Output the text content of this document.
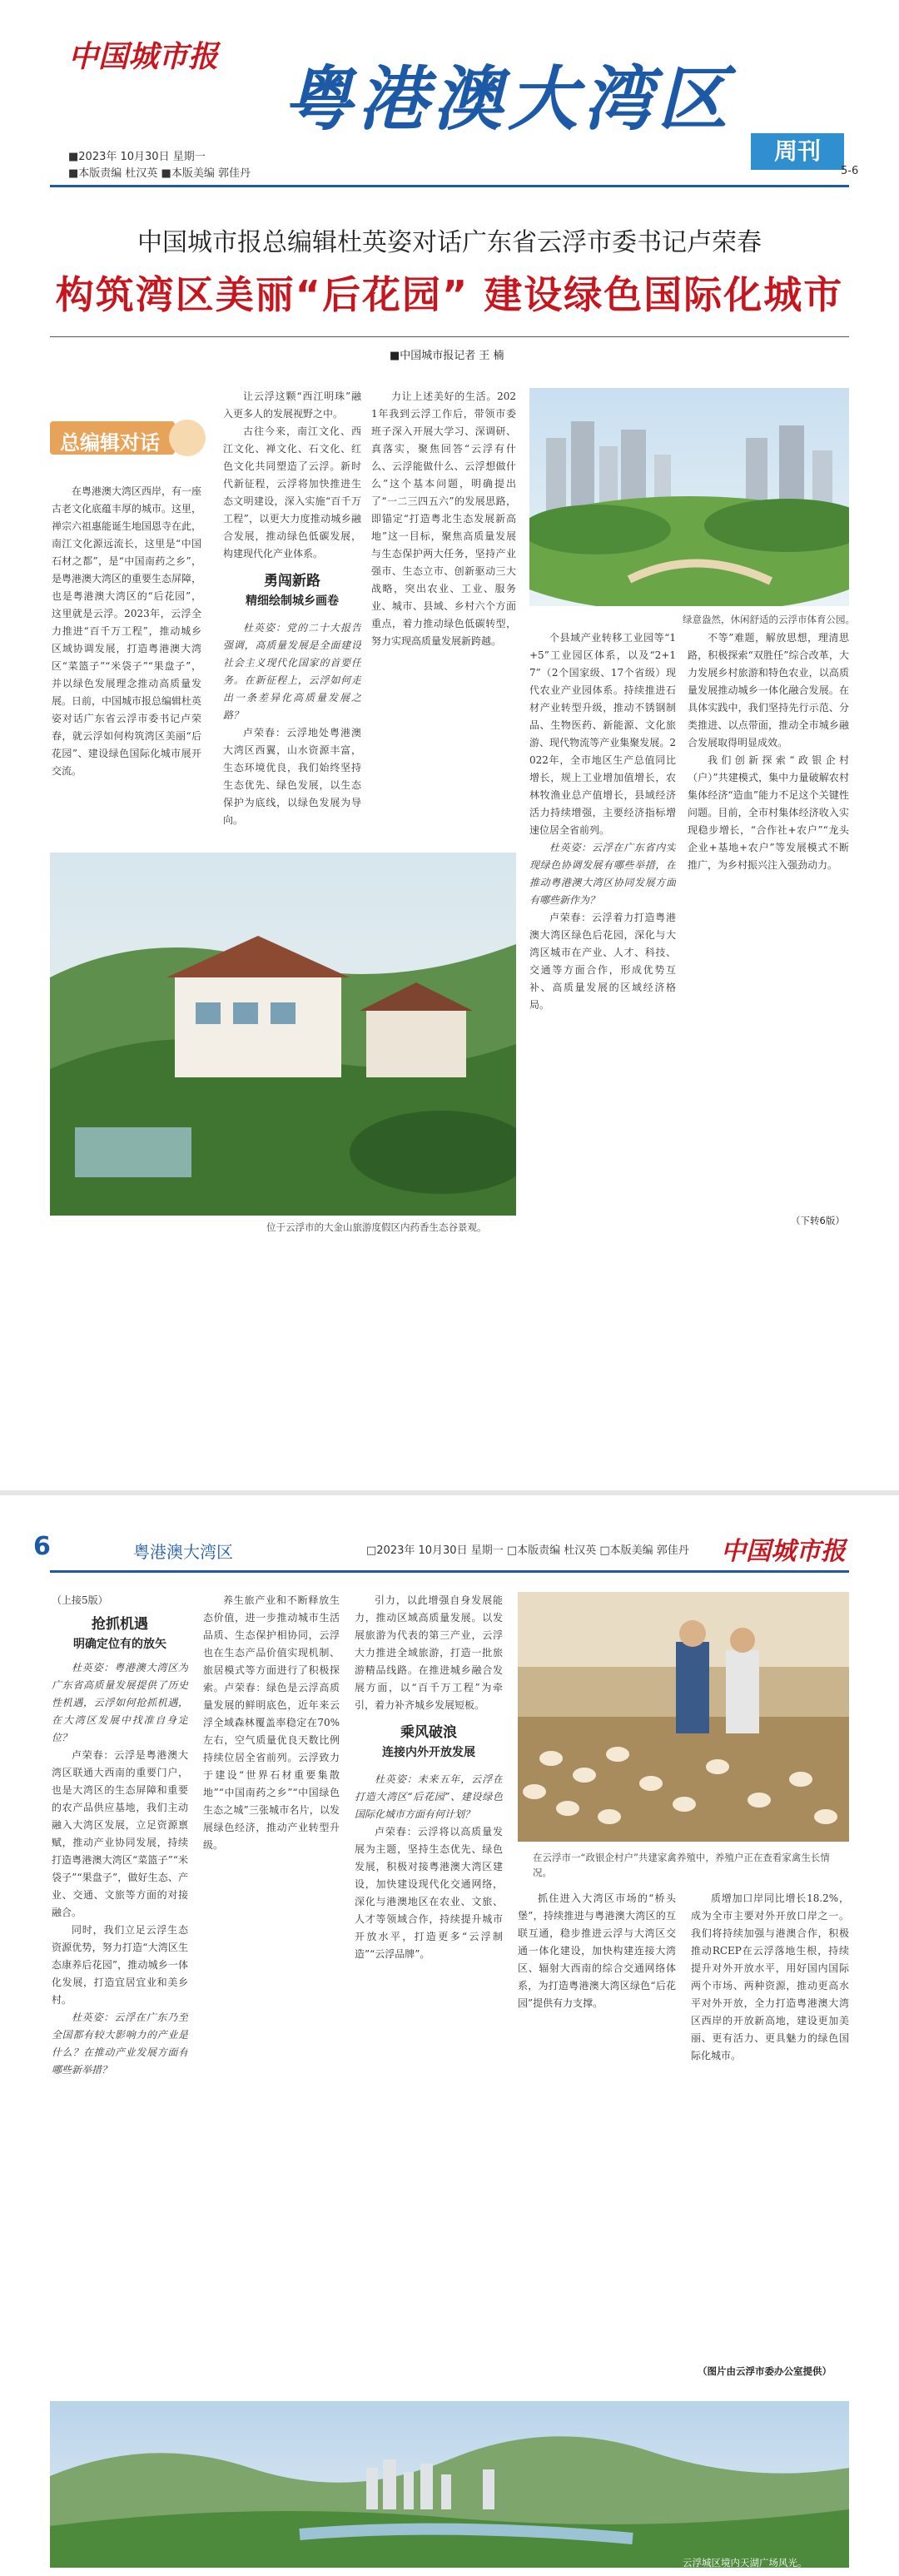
中国城市报
■2023年 10月30日 星期一
■本版责编 杜汉英 ■本版美编 郭佳丹
粤港澳大湾区
周刊
5-6
中国城市报总编辑杜英姿对话广东省云浮市委书记卢荣春
构筑湾区美丽“后花园” 建设绿色国际化城市
■中国城市报记者 王 楠
总编辑对话

在粤港澳大湾区西岸，有一座古老文化底蕴丰厚的城市。这里，禅宗六祖惠能诞生地国恩寺在此，南江文化源远流长，这里是“中国石材之都”，是“中国南药之乡”，是粤港澳大湾区的重要生态屏障，也是粤港澳大湾区的“后花园”，这里就是云浮。2023年，云浮全力推进“百千万工程”，推动城乡区域协调发展，打造粤港澳大湾区“菜篮子”“米袋子”“果盘子”，并以绿色发展理念推动高质量发展。日前，中国城市报总编辑杜英姿对话广东省云浮市委书记卢荣春，就云浮如何构筑湾区美丽“后花园”、建设绿色国际化城市展开交流。

让云浮这颗“西江明珠”融入更多人的发展视野之中。

古往今来，南江文化、西江文化、禅文化、石文化、红色文化共同塑造了云浮。新时代新征程，云浮将加快推进生态文明建设，深入实施“百千万工程”，以更大力度推动城乡融合发展，推动绿色低碳发展，构建现代化产业体系。

勇闯新路
精细绘制城乡画卷

杜英姿：党的二十大报告强调，高质量发展是全面建设社会主义现代化国家的首要任务。在新征程上，云浮如何走出一条差异化高质量发展之路？

卢荣春：云浮地处粤港澳大湾区西翼，山水资源丰富，生态环境优良，我们始终坚持生态优先、绿色发展，以生态保护为底线，以绿色发展为导向。

力让上述美好的生活。2021年我到云浮工作后，带领市委班子深入开展大学习、深调研、真落实，聚焦回答“云浮有什么、云浮能做什么、云浮想做什么”这个基本问题，明确提出了“一二三四五六”的发展思路，即锚定“打造粤北生态发展新高地”这一目标，聚焦高质量发展与生态保护两大任务，坚持产业强市、生态立市、创新驱动三大战略，突出农业、工业、服务业、城市、县域、乡村六个方面重点，着力推动绿色低碳转型，努力实现高质量发展新跨越。

绿意盎然，休闲舒适的云浮市体育公园。

个县域产业转移工业园等“1+5”工业园区体系，以及“2+17”（2个国家级、17个省级）现代农业产业园体系。持续推进石材产业转型升级，推动不锈钢制品、生物医药、新能源、文化旅游、现代物流等产业集聚发展。2022年，全市地区生产总值同比增长，规上工业增加值增长，农林牧渔业总产值增长，县域经济活力持续增强，主要经济指标增速位居全省前列。

杜英姿：云浮在广东省内实现绿色协调发展有哪些举措，在推动粤港澳大湾区协同发展方面有哪些新作为？

卢荣春：云浮着力打造粤港澳大湾区绿色后花园，深化与大湾区城市在产业、人才、科技、交通等方面合作，形成优势互补、高质量发展的区域经济格局。

不等”难题，解放思想，理清思路，积极探索“双胜任”综合改革，大力发展乡村旅游和特色农业，以高质量发展推动城乡一体化融合发展。在具体实践中，我们坚持先行示范、分类推进、以点带面，推动全市城乡融合发展取得明显成效。

我们创新探索“政银企村（户）”共建模式，集中力量破解农村集体经济“造血”能力不足这个关键性问题。目前，全市村集体经济收入实现稳步增长，“合作社+农户”“龙头企业+基地+农户”等发展模式不断推广，为乡村振兴注入强劲动力。

（下转6版）
位于云浮市的大金山旅游度假区内药香生态谷景观。
6	粤港澳大湾区	□2023年 10月30日 星期一 □本版责编 杜汉英 □本版美编 郭佳丹 中国城市报

（上接5版）

抢抓机遇
明确定位有的放矢

杜英姿：粤港澳大湾区为广东省高质量发展提供了历史性机遇，云浮如何抢抓机遇，在大湾区发展中找准自身定位？

卢荣春：云浮是粤港澳大湾区联通大西南的重要门户，也是大湾区的生态屏障和重要的农产品供应基地，我们主动融入大湾区发展，立足资源禀赋，推动产业协同发展，持续打造粤港澳大湾区“菜篮子”“米袋子”“果盘子”，做好生态、产业、交通、文旅等方面的对接融合。

同时，我们立足云浮生态资源优势，努力打造“大湾区生态康养后花园”，推动城乡一体化发展，打造宜居宜业和美乡村。

杜英姿：云浮在广东乃至全国都有较大影响力的产业是什么？在推动产业发展方面有哪些新举措？

养生旅产业和不断释放生态价值，进一步推动城市生活品质、生态保护相协同，云浮也在生态产品价值实现机制、旅居模式等方面进行了积极探索。卢荣春：绿色是云浮高质量发展的鲜明底色，近年来云浮全域森林覆盖率稳定在70%左右，空气质量优良天数比例持续位居全省前列。云浮致力于建设“世界石材重要集散地”“中国南药之乡”“中国绿色生态之城”三张城市名片，以发展绿色经济，推动产业转型升级。

引力，以此增强自身发展能力，推动区域高质量发展。以发展旅游为代表的第三产业，云浮大力推进全域旅游，打造一批旅游精品线路。在推进城乡融合发展方面，以“百千万工程”为牵引，着力补齐城乡发展短板。

乘风破浪
连接内外开放发展

杜英姿：未来五年，云浮在打造大湾区“后花园”、建设绿色国际化城市方面有何计划？

卢荣春：云浮将以高质量发展为主题，坚持生态优先、绿色发展，积极对接粤港澳大湾区建设，加快建设现代化交通网络，深化与港澳地区在农业、文旅、人才等领域合作，持续提升城市开放水平，打造更多“云浮制造”“云浮品牌”。

在云浮市一“政银企村户”共建家禽养殖中，养殖户正在查看家禽生长情况。

抓住进入大湾区市场的“桥头堡”，持续推进与粤港澳大湾区的互联互通，稳步推进云浮与大湾区交通一体化建设，加快构建连接大湾区、辐射大西南的综合交通网络体系，为打造粤港澳大湾区绿色“后花园”提供有力支撑。

质增加口岸同比增长18.2%，成为全市主要对外开放口岸之一。我们将持续加强与港澳合作，积极推动RCEP在云浮落地生根，持续提升对外开放水平，用好国内国际两个市场、两种资源，推动更高水平对外开放，全力打造粤港澳大湾区西岸的开放新高地，建设更加美丽、更有活力、更具魅力的绿色国际化城市。

（图片由云浮市委办公室提供）
云浮城区境内天湖广场风光。
